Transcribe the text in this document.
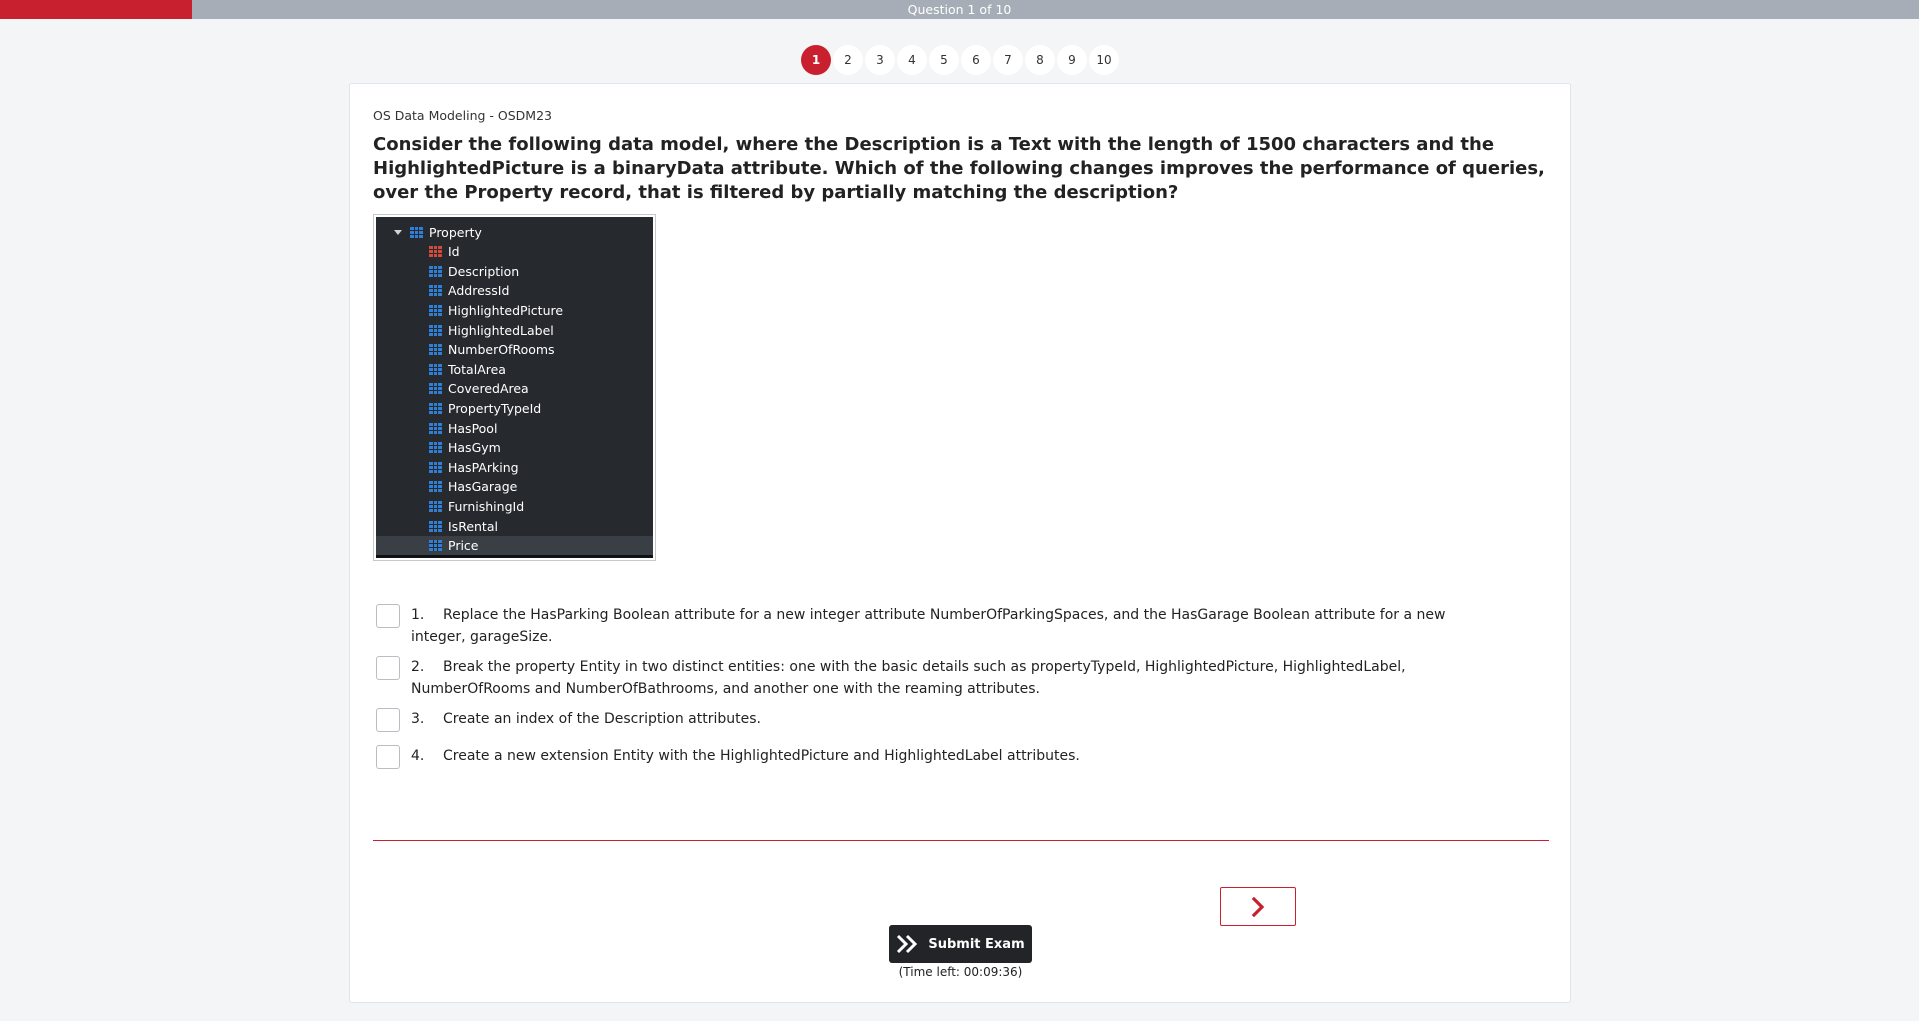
Question 1 of 10
1	2	3	4	5	6	7	8	9	10
OS Data Modeling - OSDM23
Consider the following data model, where the Description is a Text with the length of 1500 characters and the HighlightedPicture is a binaryData attribute. Which of the following changes improves the performance of queries, over the Property record, that is filtered by partially matching the description?
Property
Id
Description
AddressId
HighlightedPicture
HighlightedLabel
NumberOfRooms
TotalArea
CoveredArea
PropertyTypeId
HasPool
HasGym
HasPArking
HasGarage
FurnishingId
IsRental
Price
1. Replace the HasParking Boolean attribute for a new integer attribute NumberOfParkingSpaces, and the HasGarage Boolean attribute for a new integer, garageSize.
2. Break the property Entity in two distinct entities: one with the basic details such as propertyTypeId, HighlightedPicture, HighlightedLabel, NumberOfRooms and NumberOfBathrooms, and another one with the reaming attributes.
3. Create an index of the Description attributes.
4. Create a new extension Entity with the HighlightedPicture and HighlightedLabel attributes.
Submit Exam
(Time left: 00:09:36)
